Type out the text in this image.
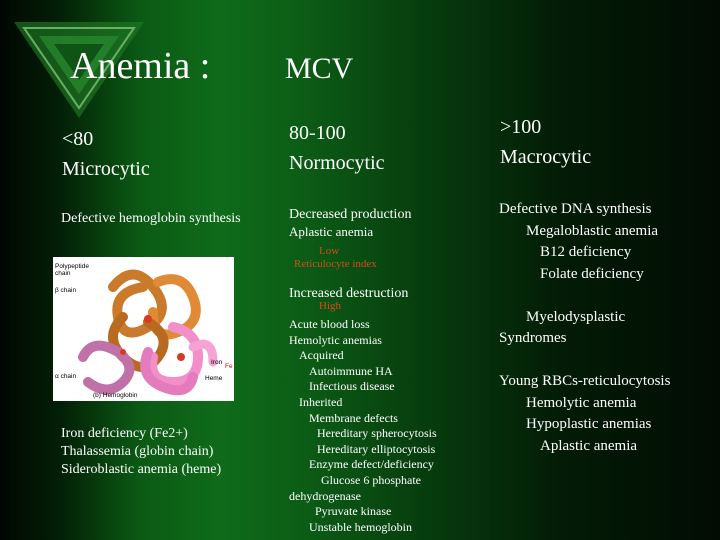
Anemia : MCV
<80
Microcytic
80-100
Normocytic
>100
Macrocytic
Defective hemoglobin synthesis
Polypeptide
chain
β chain
α chain
Iron
Fe
Heme
(b) Hemoglobin
Iron deficiency (Fe2+)
Thalassemia (globin chain)
Sideroblastic anemia (heme)
Decreased production
Aplastic anemia
Low
Reticulocyte index
Increased destruction
High
Acute blood loss
Hemolytic anemias
Acquired
Autoimmune HA
Infectious disease
Inherited
Membrane defects
Hereditary spherocytosis
Hereditary elliptocytosis
Enzyme defect/deficiency
Glucose 6 phosphate
dehydrogenase
Pyruvate kinase
Unstable hemoglobin
Defective DNA synthesis
Megaloblastic anemia
B12 deficiency
Folate deficiency
Myelodysplastic
Syndromes
Young RBCs-reticulocytosis
Hemolytic anemia
Hypoplastic anemias
Aplastic anemia
